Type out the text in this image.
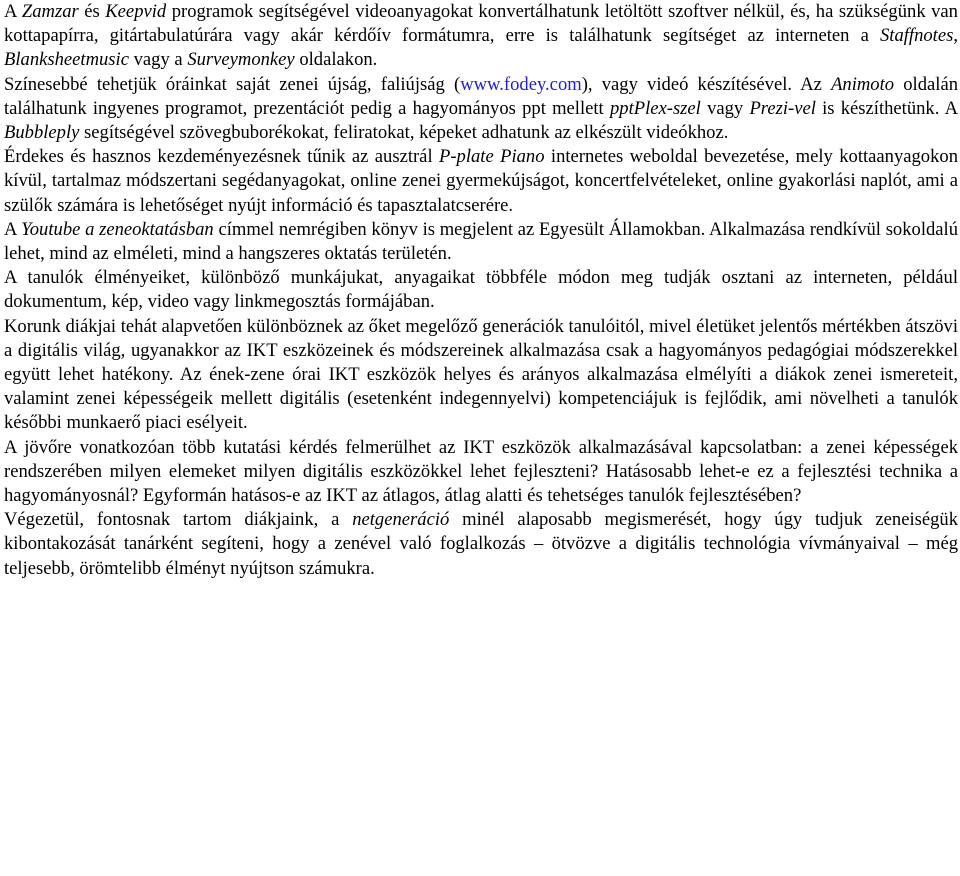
A Zamzar és Keepvid programok segítségével videoanyagokat konvertálhatunk letöltött szoftver nélkül, és, ha szükségünk van kottapapírra, gitártabulatúrára vagy akár kérdőív formátumra, erre is találhatunk segítséget az interneten a Staffnotes, Blanksheetmusic vagy a Surveymonkey oldalakon.

Színesebbé tehetjük óráinkat saját zenei újság, faliújság (www.fodey.com), vagy videó készítésével. Az Animoto oldalán találhatunk ingyenes programot, prezentációt pedig a hagyományos ppt mellett pptPlex-szel vagy Prezi-vel is készíthetünk. A Bubbleply segítségével szövegbuborékokat, feliratokat, képeket adhatunk az elkészült videókhoz.

Érdekes és hasznos kezdeményezésnek tűnik az ausztrál P-plate Piano internetes weboldal bevezetése, mely kottaanyagokon kívül, tartalmaz módszertani segédanyagokat, online zenei gyermekújságot, koncertfelvételeket, online gyakorlási naplót, ami a szülők számára is lehetőséget nyújt információ és tapasztalatcserére.

A Youtube a zeneoktatásban címmel nemrégiben könyv is megjelent az Egyesült Államokban. Alkalmazása rendkívül sokoldalú lehet, mind az elméleti, mind a hangszeres oktatás területén.

A tanulók élményeiket, különböző munkájukat, anyagaikat többféle módon meg tudják osztani az interneten, például dokumentum, kép, video vagy linkmegosztás formájában.

Korunk diákjai tehát alapvetően különböznek az őket megelőző generációk tanulóitól, mivel életüket jelentős mértékben átszövi a digitális világ, ugyanakkor az IKT eszközeinek és módszereinek alkalmazása csak a hagyományos pedagógiai módszerekkel együtt lehet hatékony. Az ének-zene órai IKT eszközök helyes és arányos alkalmazása elmélyíti a diákok zenei ismereteit, valamint zenei képességeik mellett digitális (esetenként indegennyelvi) kompetenciájuk is fejlődik, ami növelheti a tanulók későbbi munkaerő piaci esélyeit.

A jövőre vonatkozóan több kutatási kérdés felmerülhet az IKT eszközök alkalmazásával kapcsolatban: a zenei képességek rendszerében milyen elemeket milyen digitális eszközökkel lehet fejleszteni? Hatásosabb lehet-e ez a fejlesztési technika a hagyományosnál? Egyformán hatásos-e az IKT az átlagos, átlag alatti és tehetséges tanulók fejlesztésében?

Végezetül, fontosnak tartom diákjaink, a netgeneráció minél alaposabb megismerését, hogy úgy tudjuk zeneiségük kibontakozását tanárként segíteni, hogy a zenével való foglalkozás – ötvözve a digitális technológia vívmányaival – még teljesebb, örömtelibb élményt nyújtson számukra.
